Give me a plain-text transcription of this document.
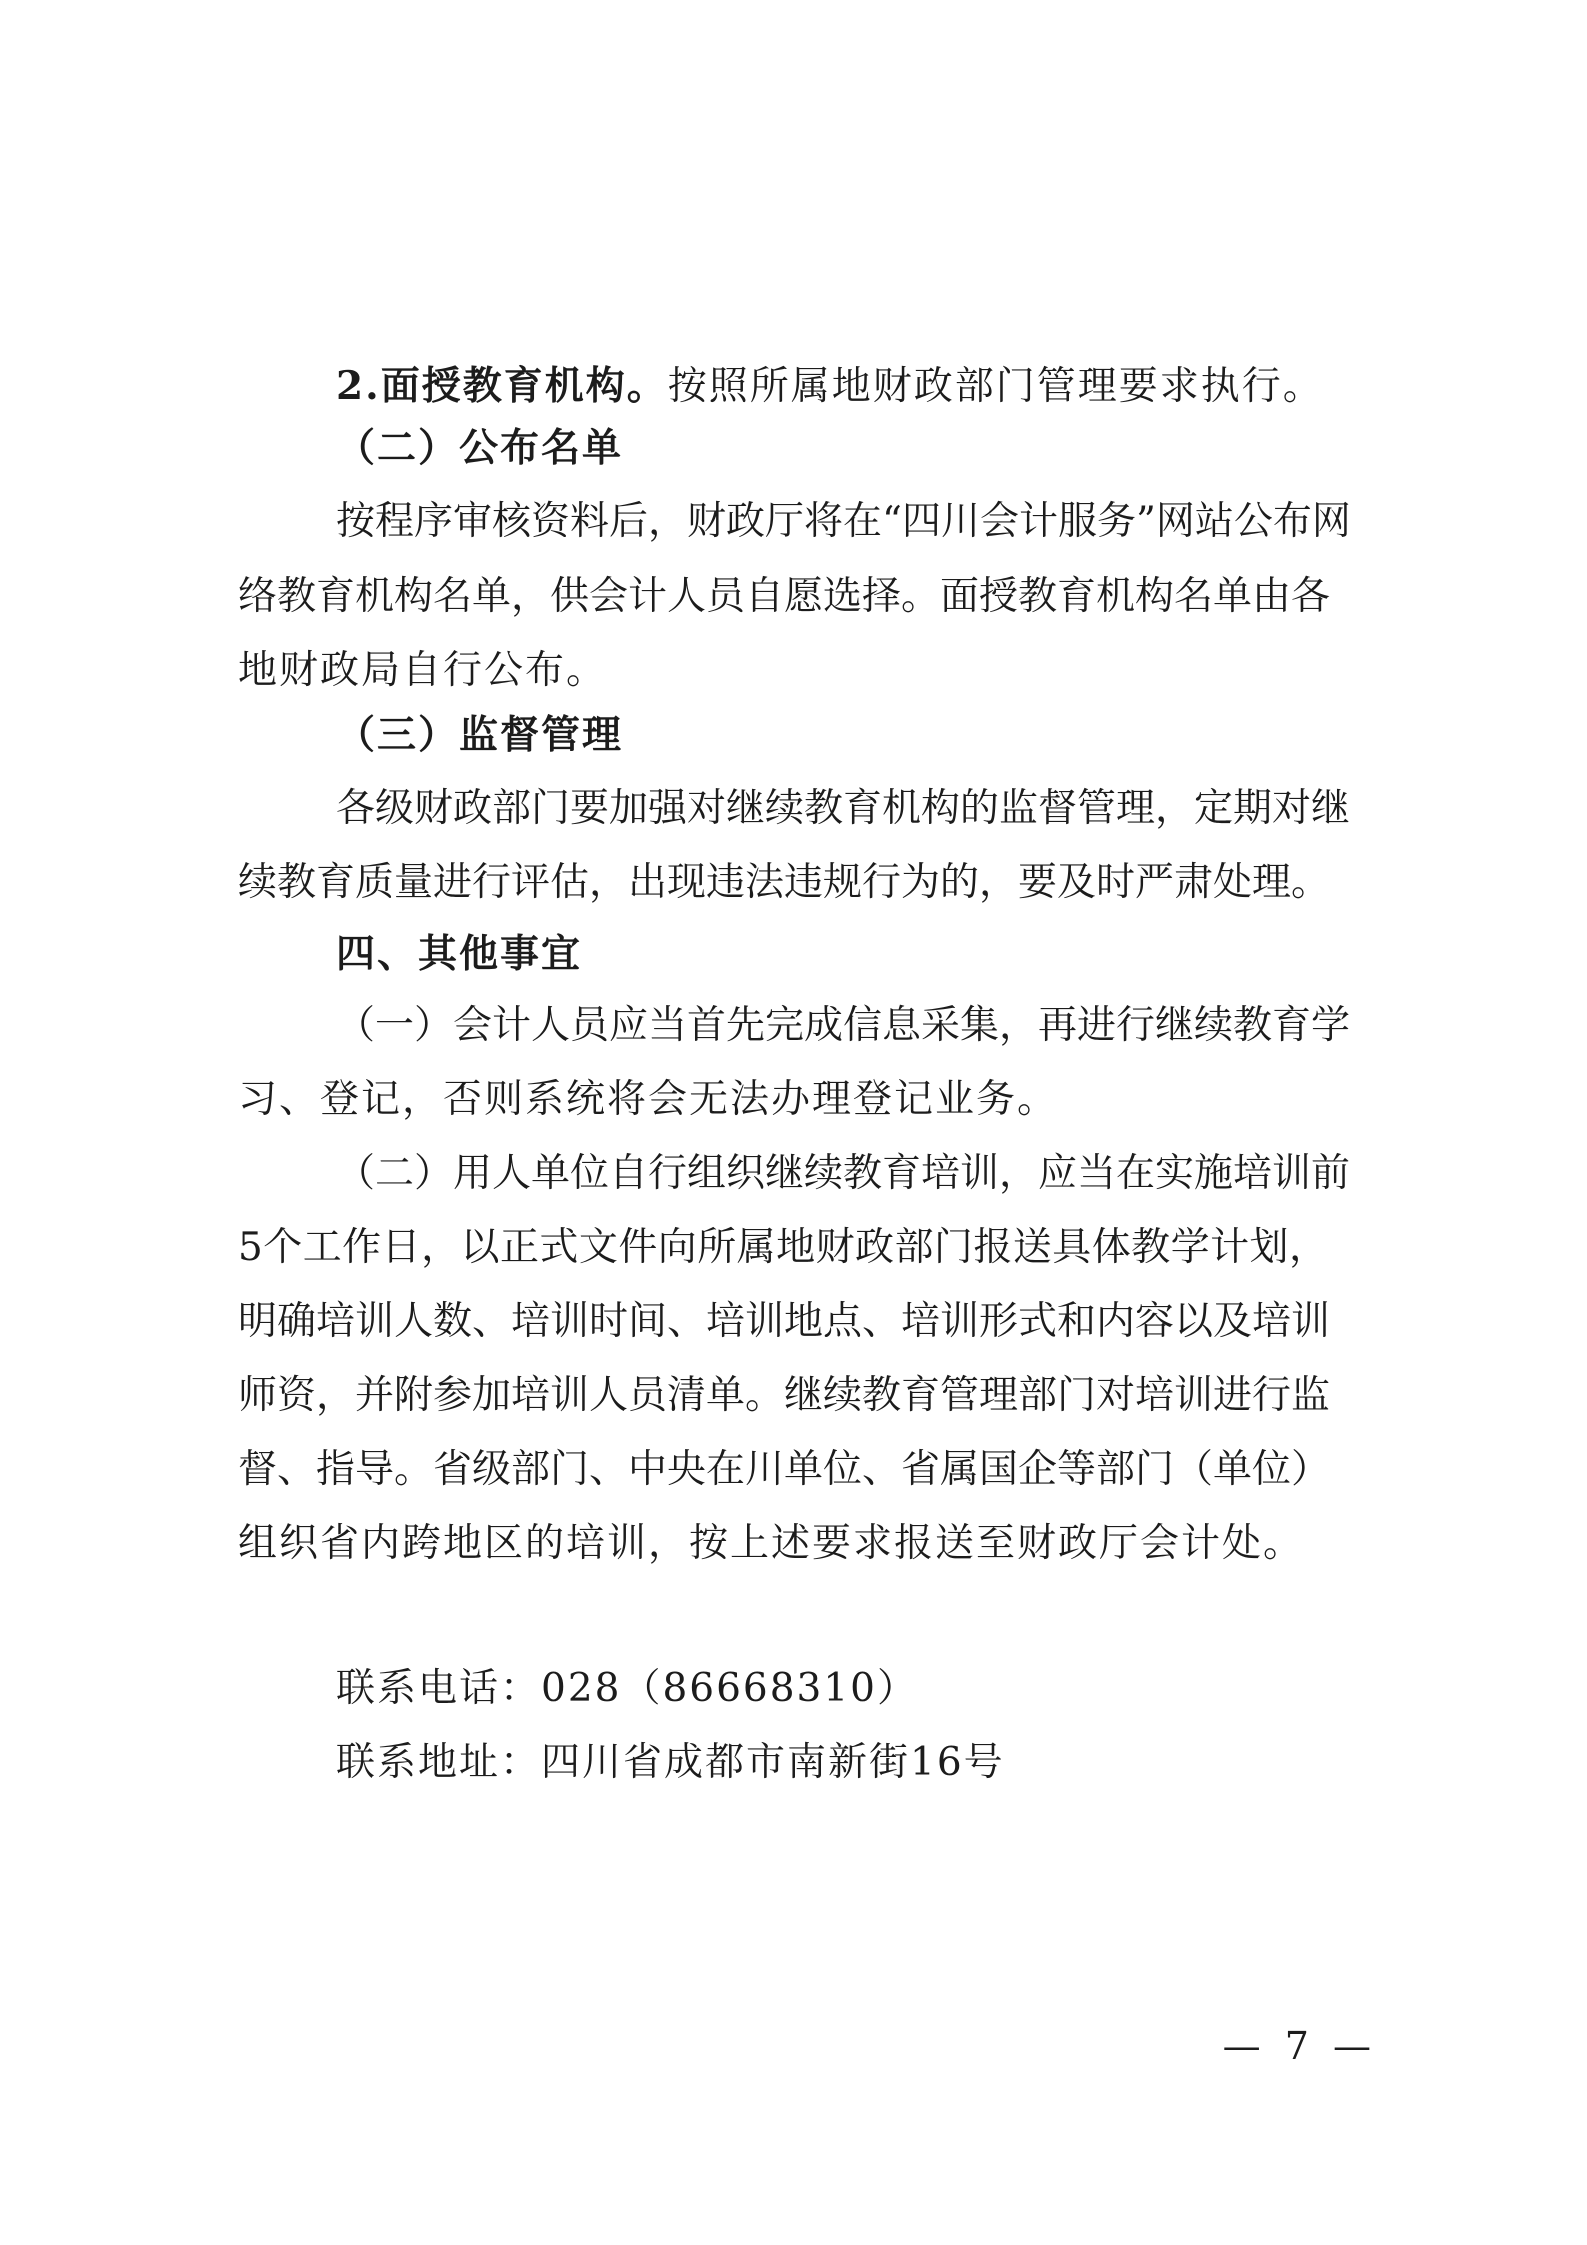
2.面授教育机构。按照所属地财政部门管理要求执行。
（二）公布名单
按程序审核资料后，财政厅将在“四川会计服务”网站公布网
络教育机构名单，供会计人员自愿选择。面授教育机构名单由各
地财政局自行公布。
（三）监督管理
各级财政部门要加强对继续教育机构的监督管理，定期对继
续教育质量进行评估，出现违法违规行为的，要及时严肃处理。
四、其他事宜
（一）会计人员应当首先完成信息采集，再进行继续教育学
习、登记，否则系统将会无法办理登记业务。
（二）用人单位自行组织继续教育培训，应当在实施培训前
5个工作日，以正式文件向所属地财政部门报送具体教学计划，
明确培训人数、培训时间、培训地点、培训形式和内容以及培训
师资，并附参加培训人员清单。继续教育管理部门对培训进行监
督、指导。省级部门、中央在川单位、省属国企等部门（单位）
组织省内跨地区的培训，按上述要求报送至财政厅会计处。
联系电话：028（86668310）
联系地址：四川省成都市南新街16号
— 7 —
